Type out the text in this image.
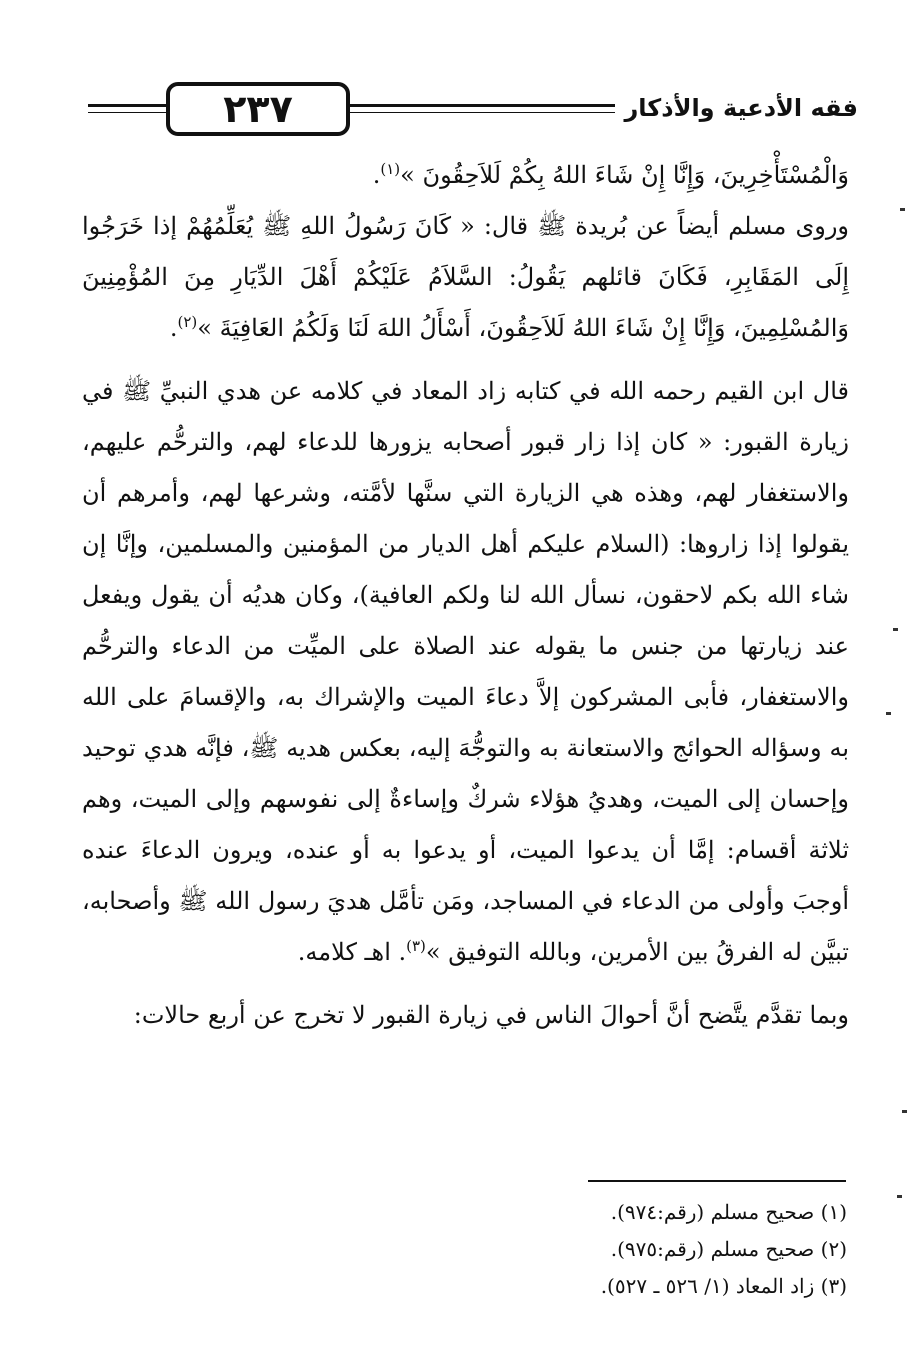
٢٣٧	فقه الأدعية والأذكار

وَالْمُسْتَأْخِرِينَ، وَإِنَّا إِنْ شَاءَ اللهُ بِكُمْ لَلاَحِقُونَ »$^{(١)}$.

وروى مسلم أيضاً عن بُريدة ﷺ قال: « كَانَ رَسُولُ اللهِ ﷺ يُعَلِّمُهُمْ إذا خَرَجُوا إِلَى المَقَابِرِ، فَكَانَ قائلهم يَقُولُ: السَّلاَمُ عَلَيْكُمْ أَهْلَ الدِّيَارِ مِنَ المُؤْمِنِينَ وَالمُسْلِمِينَ، وَإِنَّا إِنْ شَاءَ اللهُ لَلاَحِقُونَ، أَسْأَلُ اللهَ لَنَا وَلَكُمُ العَافِيَةَ »$^{(٢)}$.

قال ابن القيم رحمه الله في كتابه زاد المعاد في كلامه عن هدي النبيِّ ﷺ في زيارة القبور: « كان إذا زار قبور أصحابه يزورها للدعاء لهم، والترحُّم عليهم، والاستغفار لهم، وهذه هي الزيارة التي سنَّها لأمَّته، وشرعها لهم، وأمرهم أن يقولوا إذا زاروها: (السلام عليكم أهل الديار من المؤمنين والمسلمين، وإنَّا إن شاء الله بكم لاحقون، نسأل الله لنا ولكم العافية)، وكان هديُه أن يقول ويفعل عند زيارتها من جنس ما يقوله عند الصلاة على الميِّت من الدعاء والترحُّم والاستغفار، فأبى المشركون إلاَّ دعاءَ الميت والإشراك به، والإقسامَ على الله به وسؤاله الحوائج والاستعانة به والتوجُّهَ إليه، بعكس هديه ﷺ، فإنَّه هدي توحيد وإحسان إلى الميت، وهديُ هؤلاء شركٌ وإساءةٌ إلى نفوسهم وإلى الميت، وهم ثلاثة أقسام: إمَّا أن يدعوا الميت، أو يدعوا به أو عنده، ويرون الدعاءَ عنده أوجبَ وأولى من الدعاء في المساجد، ومَن تأمَّل هديَ رسول الله ﷺ وأصحابه، تبيَّن له الفرقُ بين الأمرين، وبالله التوفيق »$^{(٣)}$. اهـ كلامه.

وبما تقدَّم يتَّضح أنَّ أحوالَ الناس في زيارة القبور لا تخرج عن أربع حالات:

(١) صحيح مسلم (رقم:٩٧٤).
(٢) صحيح مسلم (رقم:٩٧٥).
(٣) زاد المعاد (١/ ٥٢٦ ـ ٥٢٧).
